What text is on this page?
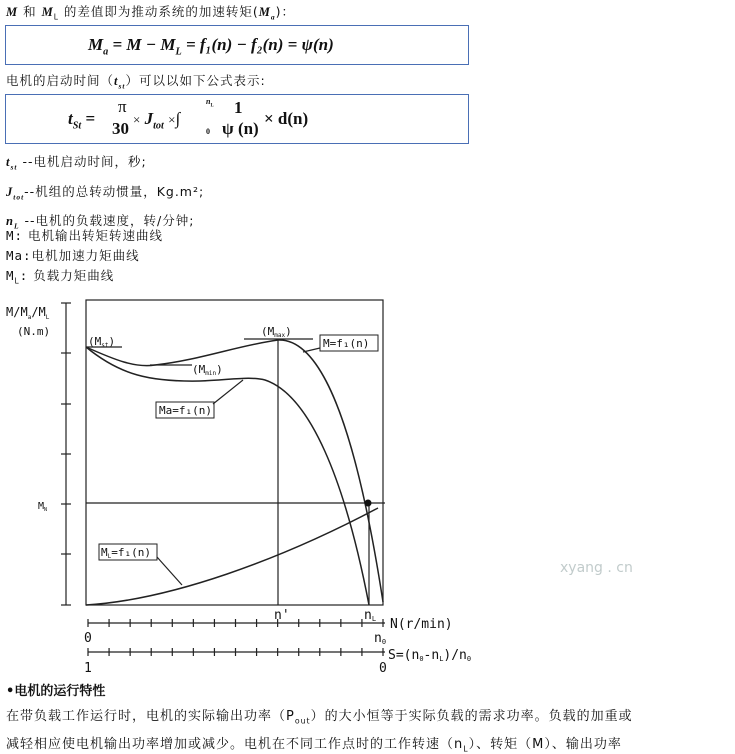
M 和 $M_L$ 的差值即为推动系统的加速转矩$(M_a)$：
$M_a = M - M_L = f_1(n) - f_2(n) = \psi(n)$
电机的启动时间$(t_{st})$可以以如下公式表示:
$t_{St}$ =
π
$30 \times J_{tot}$ ×∫
$n_L$
0
1
ψ (n)
× d(n)
$t_{st}$ --电机启动时间，秒;
$J_{tot}--$机组的总转动惯量，Kg.m²;
$n_L$ --电机的负载速度，转/分钟;
M: 电机输出转矩转速曲线
Ma:电机加速力矩曲线
$M_L$: 负载力矩曲线
$M/M_a/M_L$
(N.m)
(Mst)
(Mmax)
(Mmin)
M=f₁(n)
Ma=f₁(n)
ML=f₁(n)
$M_N$
n'	nL N(r/min)
0	n0
S=(n0-nL)/n0
1	0
•电机的运行特性
在带负载工作运行时，电机的实际输出功率$(P_{out})$的大小恒等于实际负载的需求功率。负载的加重或
减轻相应使电机输出功率增加或减少。电机在不同工作点时的工作转速$(n_L)$、转矩（M）、输出功率
xyang . cn
